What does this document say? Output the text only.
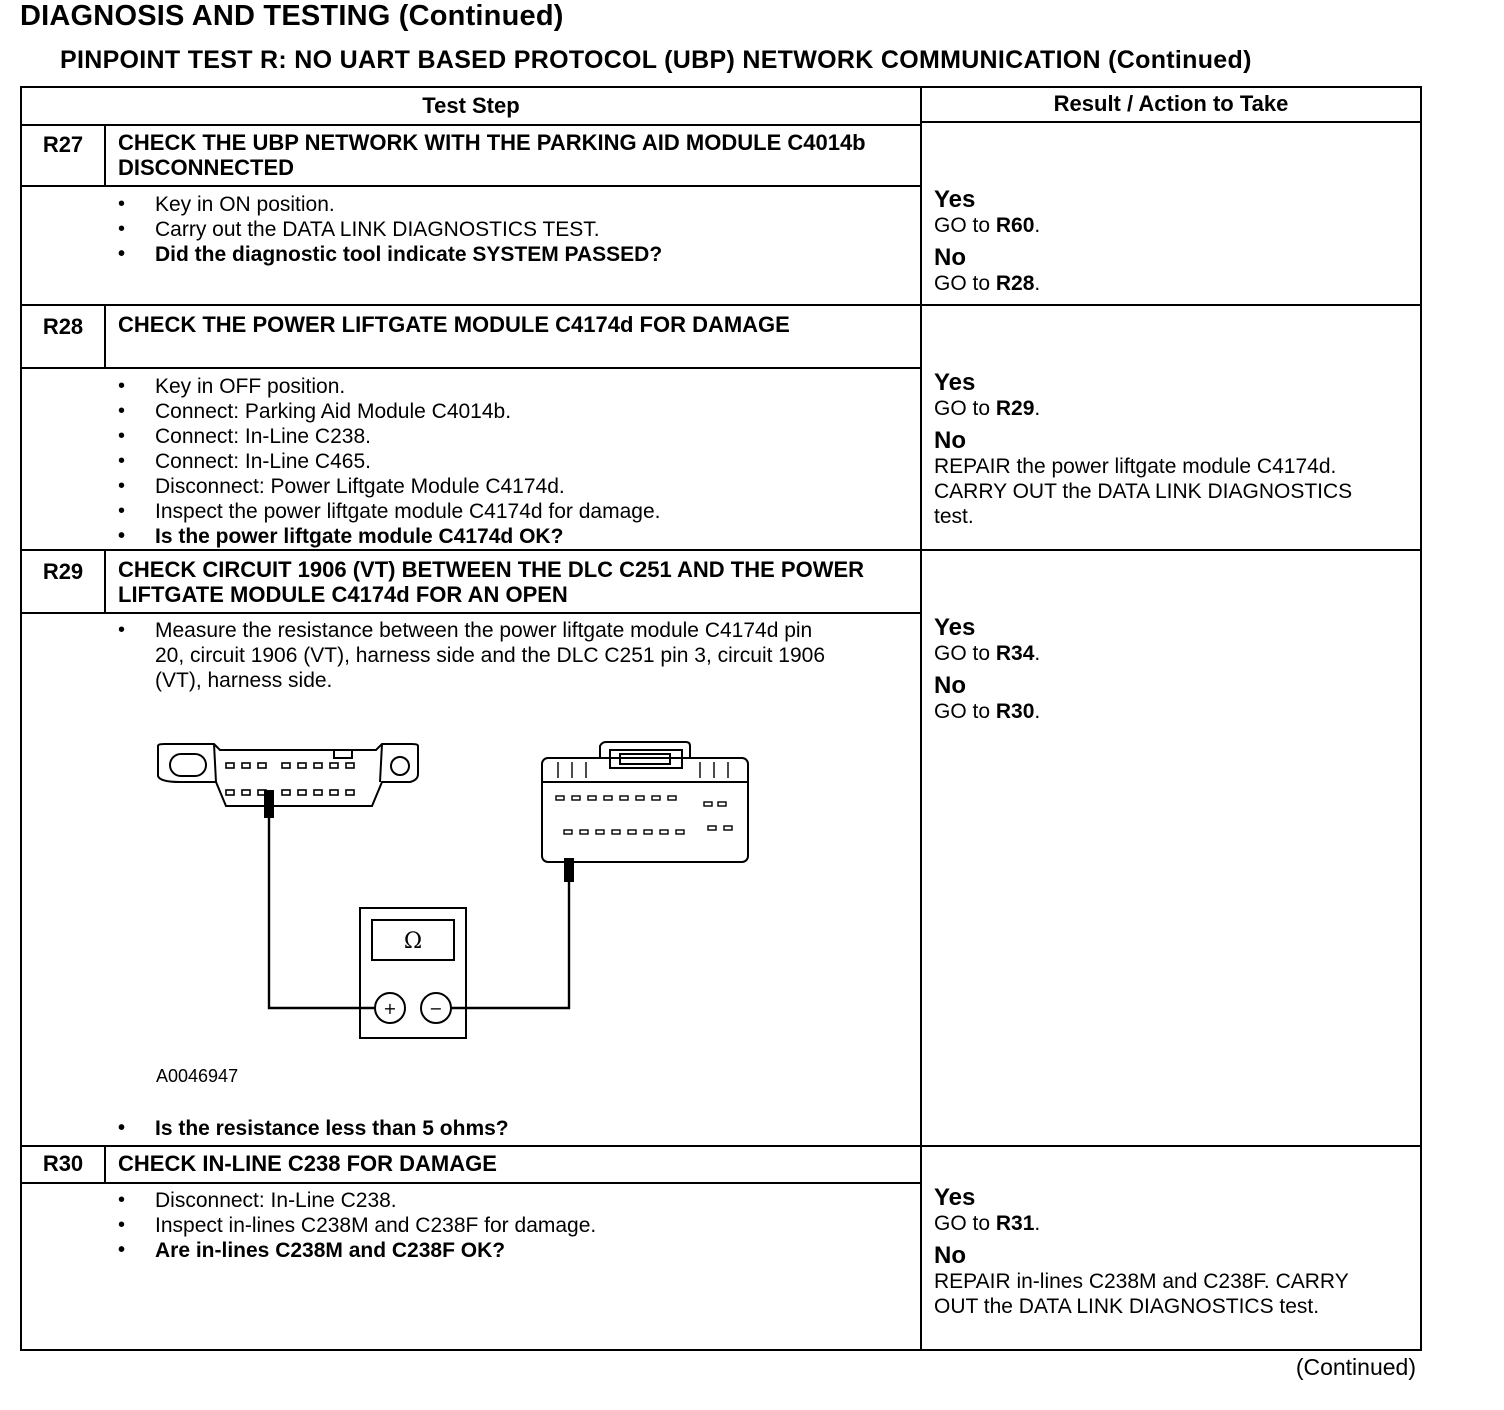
DIAGNOSIS AND TESTING (Continued)
PINPOINT TEST R: NO UART BASED PROTOCOL (UBP) NETWORK COMMUNICATION (Continued)
Test Step	Result / Action to Take
R27	CHECK THE UBP NETWORK WITH THE PARKING AID MODULE C4014b DISCONNECTED
• Key in ON position.
• Carry out the DATA LINK DIAGNOSTICS TEST.
• Did the diagnostic tool indicate SYSTEM PASSED?
Yes
GO to R60.
No
GO to R28.
R28	CHECK THE POWER LIFTGATE MODULE C4174d FOR DAMAGE
• Key in OFF position.
• Connect: Parking Aid Module C4014b.
• Connect: In-Line C238.
• Connect: In-Line C465.
• Disconnect: Power Liftgate Module C4174d.
• Inspect the power liftgate module C4174d for damage.
• Is the power liftgate module C4174d OK?
Yes
GO to R29.
No
REPAIR the power liftgate module C4174d. CARRY OUT the DATA LINK DIAGNOSTICS test.
R29	CHECK CIRCUIT 1906 (VT) BETWEEN THE DLC C251 AND THE POWER LIFTGATE MODULE C4174d FOR AN OPEN
• Measure the resistance between the power liftgate module C4174d pin 20, circuit 1906 (VT), harness side and the DLC C251 pin 3, circuit 1906 (VT), harness side.
A0046947
• Is the resistance less than 5 ohms?
Yes
GO to R34.
No
GO to R30.
R30	CHECK IN-LINE C238 FOR DAMAGE
• Disconnect: In-Line C238.
• Inspect in-lines C238M and C238F for damage.
• Are in-lines C238M and C238F OK?
Yes
GO to R31.
No
REPAIR in-lines C238M and C238F. CARRY OUT the DATA LINK DIAGNOSTICS test.
Ω
+ −
(Continued)
